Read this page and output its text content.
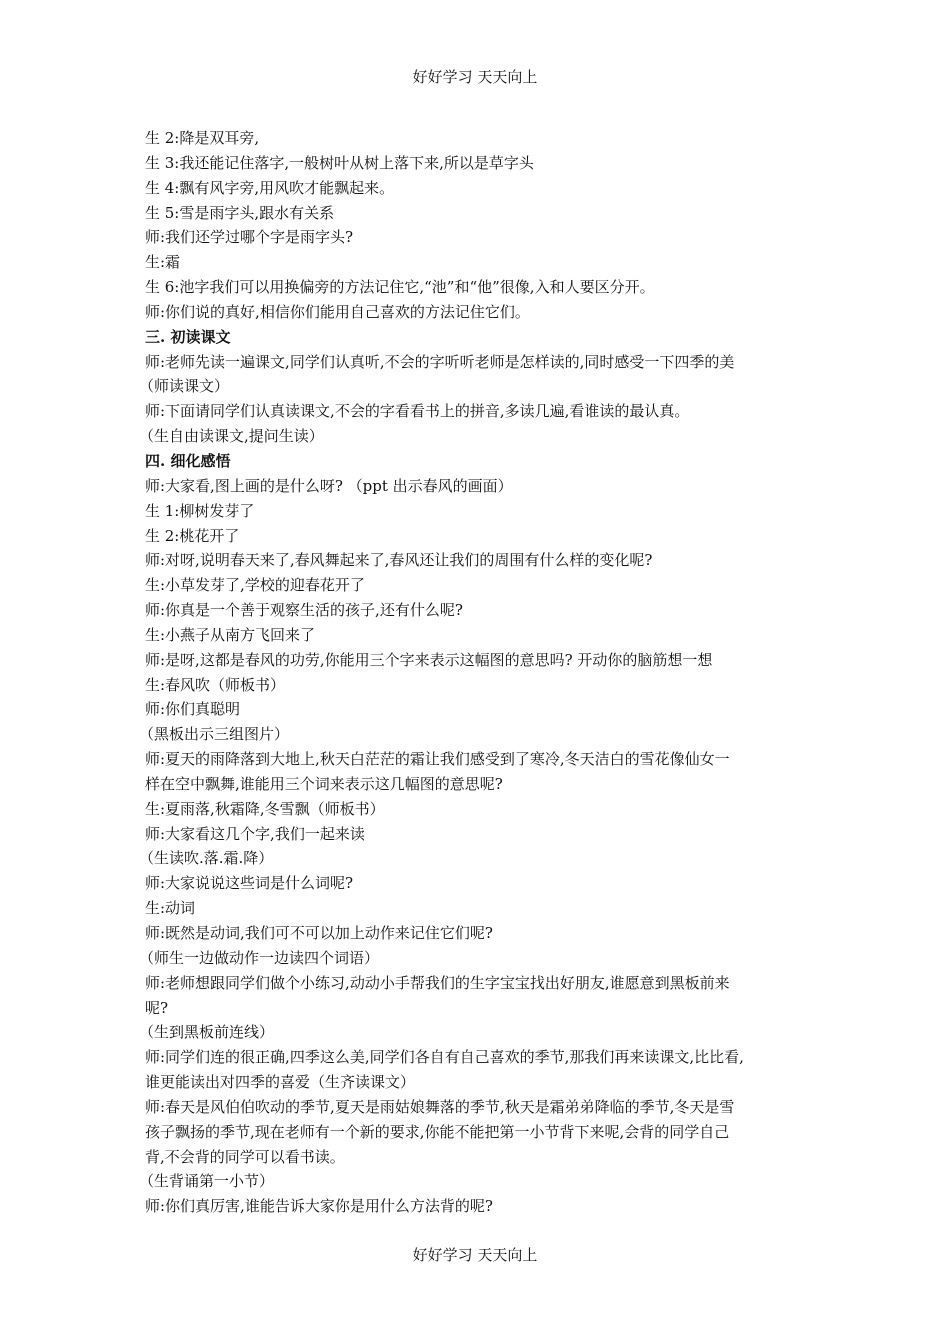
好好学习 天天向上

生 2:降是双耳旁,

生 3:我还能记住落字,一般树叶从树上落下来,所以是草字头

生 4:飘有风字旁,用风吹才能飘起来。

生 5:雪是雨字头,跟水有关系

师:我们还学过哪个字是雨字头?

生:霜

生 6:池字我们可以用换偏旁的方法记住它,“池”和“他”很像,入和人要区分开。

师:你们说的真好,相信你们能用自己喜欢的方法记住它们。

三. 初读课文

师:老师先读一遍课文,同学们认真听,不会的字听听老师是怎样读的,同时感受一下四季的美

（师读课文）

师:下面请同学们认真读课文,不会的字看看书上的拼音,多读几遍,看谁读的最认真。

（生自由读课文,提问生读）

四. 细化感悟

师:大家看,图上画的是什么呀? （ppt 出示春风的画面）

生 1:柳树发芽了

生 2:桃花开了

师:对呀,说明春天来了,春风舞起来了,春风还让我们的周围有什么样的变化呢?

生:小草发芽了,学校的迎春花开了

师:你真是一个善于观察生活的孩子,还有什么呢?

生:小燕子从南方飞回来了

师:是呀,这都是春风的功劳,你能用三个字来表示这幅图的意思吗? 开动你的脑筋想一想

生:春风吹（师板书）

师:你们真聪明

（黑板出示三组图片）

师:夏天的雨降落到大地上,秋天白茫茫的霜让我们感受到了寒冷,冬天洁白的雪花像仙女一

样在空中飘舞,谁能用三个词来表示这几幅图的意思呢?

生:夏雨落,秋霜降,冬雪飘（师板书）

师:大家看这几个字,我们一起来读

（生读吹.落.霜.降）

师:大家说说这些词是什么词呢?

生:动词

师:既然是动词,我们可不可以加上动作来记住它们呢?

（师生一边做动作一边读四个词语）

师:老师想跟同学们做个小练习,动动小手帮我们的生字宝宝找出好朋友,谁愿意到黑板前来

呢?

（生到黑板前连线）

师:同学们连的很正确,四季这么美,同学们各自有自己喜欢的季节,那我们再来读课文,比比看,

谁更能读出对四季的喜爱（生齐读课文）

师:春天是风伯伯吹动的季节,夏天是雨姑娘舞落的季节,秋天是霜弟弟降临的季节,冬天是雪

孩子飘扬的季节,现在老师有一个新的要求,你能不能把第一小节背下来呢,会背的同学自己

背,不会背的同学可以看书读。

（生背诵第一小节）

师:你们真厉害,谁能告诉大家你是用什么方法背的呢?

好好学习 天天向上
